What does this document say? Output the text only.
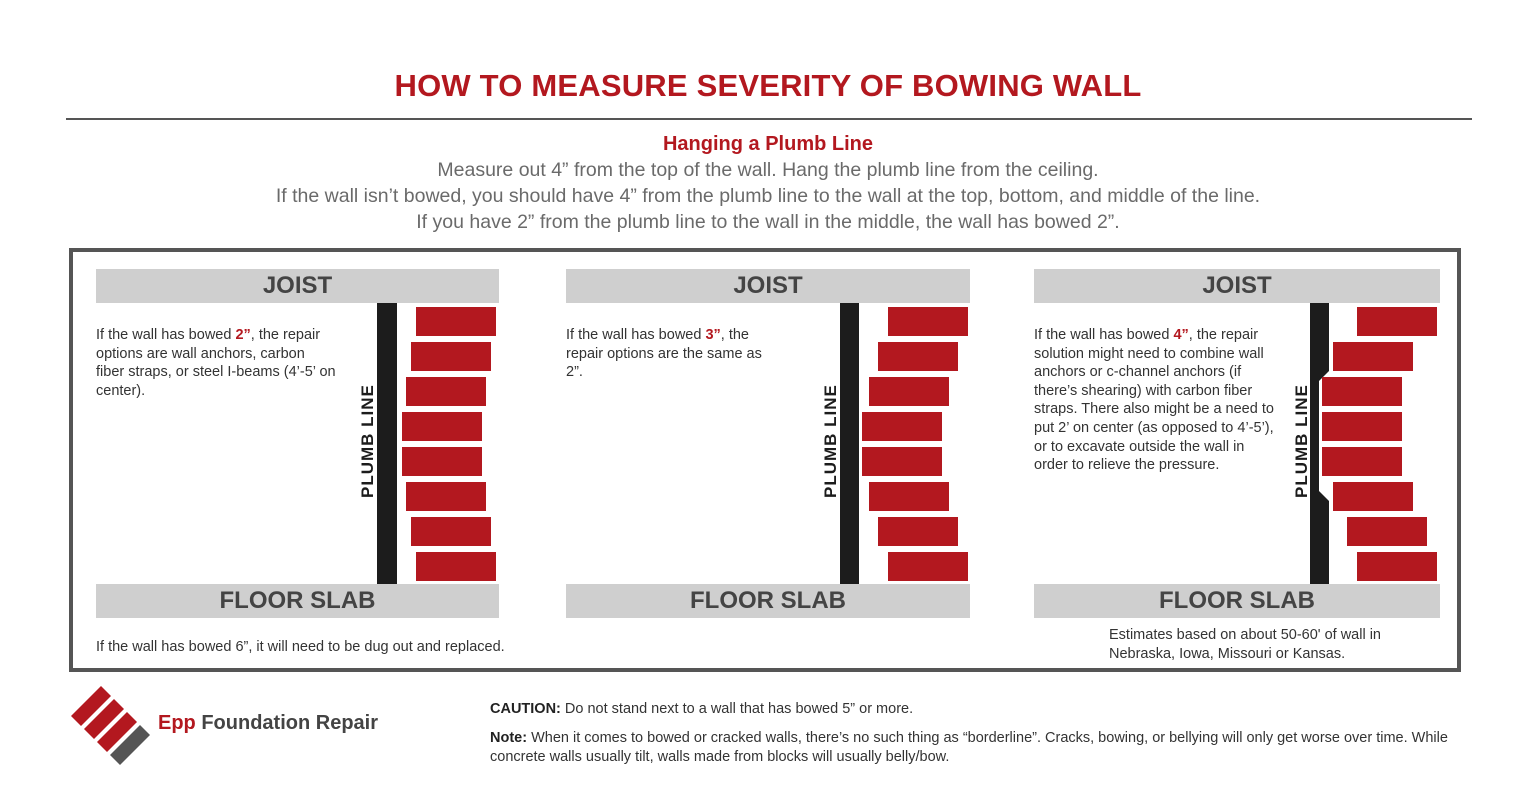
HOW TO MEASURE SEVERITY OF BOWING WALL
Hanging a Plumb Line
Measure out 4” from the top of the wall. Hang the plumb line from the ceiling.
If the wall isn’t bowed, you should have 4” from the plumb line to the wall at the top, bottom, and middle of the line.
If you have 2” from the plumb line to the wall in the middle, the wall has bowed 2”.
JOIST
FLOOR SLAB
If the wall has bowed 2”, the repair options are wall anchors, carbon fiber straps, or steel I-beams (4’-5’ on center).	PLUMB LINE
JOIST
FLOOR SLAB
If the wall has bowed 3”, the repair options are the same as 2”.
PLUMB LINE
JOIST
FLOOR SLAB
If the wall has bowed 4”, the repair solution might need to combine wall anchors or c-channel anchors (if there’s shearing) with carbon fiber straps. There also might be a need to put 2’ on center (as opposed to 4’-5’), or to excavate outside the wall in order to relieve the pressure.	PLUMB LINE
If the wall has bowed 6”, it will need to be dug out and replaced.
Estimates based on about 50-60' of wall in Nebraska, Iowa, Missouri or Kansas.
Epp Foundation Repair
CAUTION: Do not stand next to a wall that has bowed 5” or more.
Note: When it comes to bowed or cracked walls, there’s no such thing as “borderline”. Cracks, bowing, or bellying will only get worse over time. While concrete walls usually tilt, walls made from blocks will usually belly/bow.
